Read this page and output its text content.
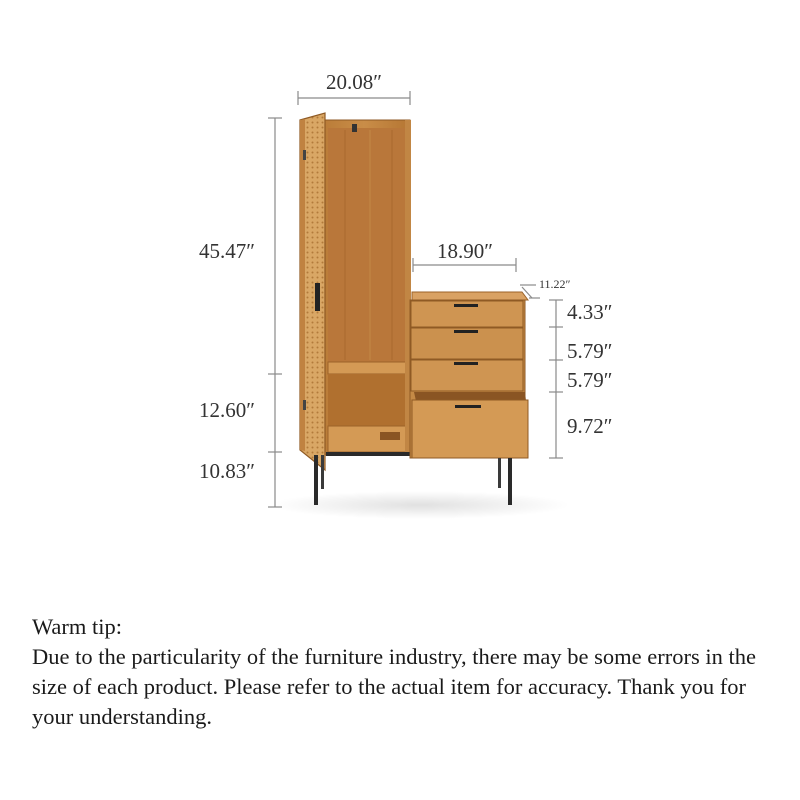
20.08″
45.47″
12.60″
10.83″
18.90″
11.22″
4.33″
5.79″
5.79″
9.72″

Warm tip:

Due to the particularity of the furniture industry, there may be some errors in the size of each product. Please refer to the actual item for accuracy. Thank you for your understanding.
